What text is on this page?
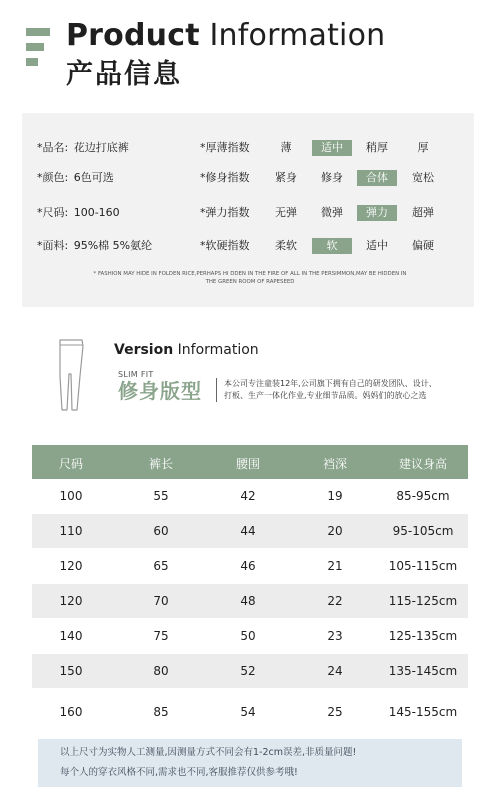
Product Information
产品信息
*品名: 花边打底裤
*颜色: 6色可选
*尺码: 100-160
*面料: 95%棉 5%氨纶
*厚薄指数	薄	适中	稍厚	厚
*修身指数	紧身	修身	合体	宽松
*弹力指数	无弹	微弹	弹力	超弹
*软硬指数	柔软	软	适中	偏硬
* FASHION MAY HIDE IN FOLDEN RICE,PERHAPS HI DDEN IN THE FIRE OF ALL IN THE PERSIMMON,MAY BE HIDDEN IN
THE GREEN ROOM OF RAPESEED
Version Information
SLIM FIT
修身版型	本公司专注童装12年,公司旗下拥有自己的研发团队、设计、
打板、生产一体化作业,专业细节品质。妈妈们的放心之选
尺码	裤长	腰围	裆深	建议身高
100	55	42	19	85-95cm
110	60	44	20	95-105cm
120	65	46	21	105-115cm
120	70	48	22	115-125cm
140	75	50	23	125-135cm
150	80	52	24	135-145cm
160	85	54	25	145-155cm
以上尺寸为实物人工测量,因测量方式不同会有1-2cm误差,非质量问题!
每个人的穿衣风格不同,需求也不同,客服推荐仅供参考哦!
